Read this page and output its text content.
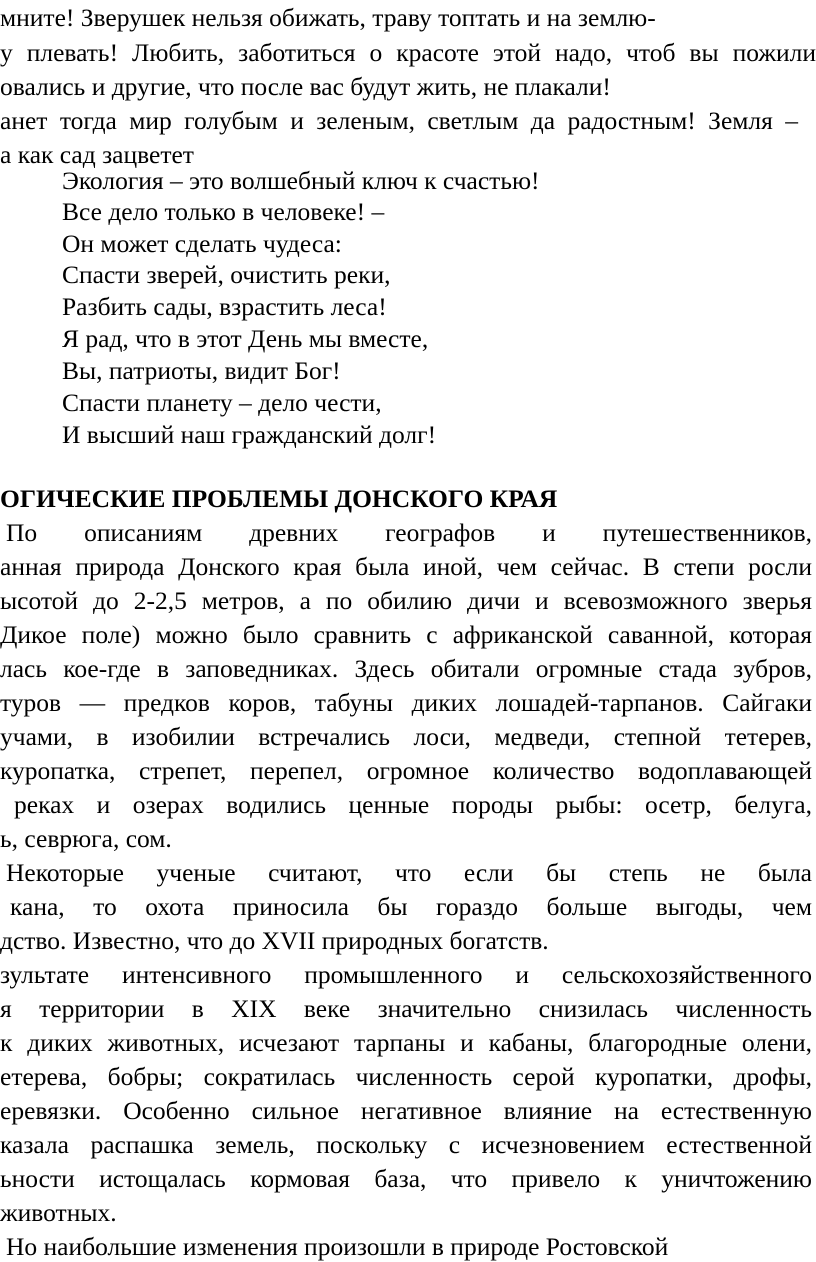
мните! Зверушек нельзя обижать, траву топтать и на землю-
у плевать! Любить, заботиться о красоте этой надо, чтоб вы пожили
овались и другие, что после вас будут жить, не плакали!
анет тогда мир голубым и зеленым, светлым да радостным! Земля –
а как сад зацветет
Экология – это волшебный ключ к счастью!
Все дело только в человеке! –
Он может сделать чудеса:
Спасти зверей, очистить реки,
Разбить сады, взрастить леса!
Я рад, что в этот День мы вместе,
Вы, патриоты, видит Бог!
Спасти планету – дело чести,
И высший наш гражданский долг!
ОГИЧЕСКИЕ ПРОБЛЕМЫ ДОНСКОГО КРАЯ
По описаниям древних географов и путешественников,
анная природа Донского края была иной, чем сейчас. В степи росли
ысотой до 2-2,5 метров, а по обилию дичи и всевозможного зверья
Дикое поле) можно было сравнить с африканской саванной, которая
лась кое-где в заповедниках. Здесь обитали огромные стада зубров,
туров — предков коров, табуны диких лошадей-тарпанов. Сайгаки
учами, в изобилии встречались лоси, медведи, степной тетерев,
куропатка, стрепет, перепел, огромное количество водоплавающей
реках и озерах водились ценные породы рыбы: осетр, белуга,
ь, севрюга, сом.
Некоторые ученые считают, что если бы степь не была
кана, то охота приносила бы гораздо больше выгоды, чем
дство. Известно, что до XVII природных богатств.
зультате интенсивного промышленного и сельскохозяйственного
я территории в XIX веке значительно снизилась численность
к диких животных, исчезают тарпаны и кабаны, благородные олени,
етерева, бобры; сократилась численность серой куропатки, дрофы,
еревязки. Особенно сильное негативное влияние на естественную
казала распашка земель, поскольку с исчезновением естественной
ьности истощалась кормовая база, что привело к уничтожению
животных.
Но наибольшие изменения произошли в природе Ростовской
